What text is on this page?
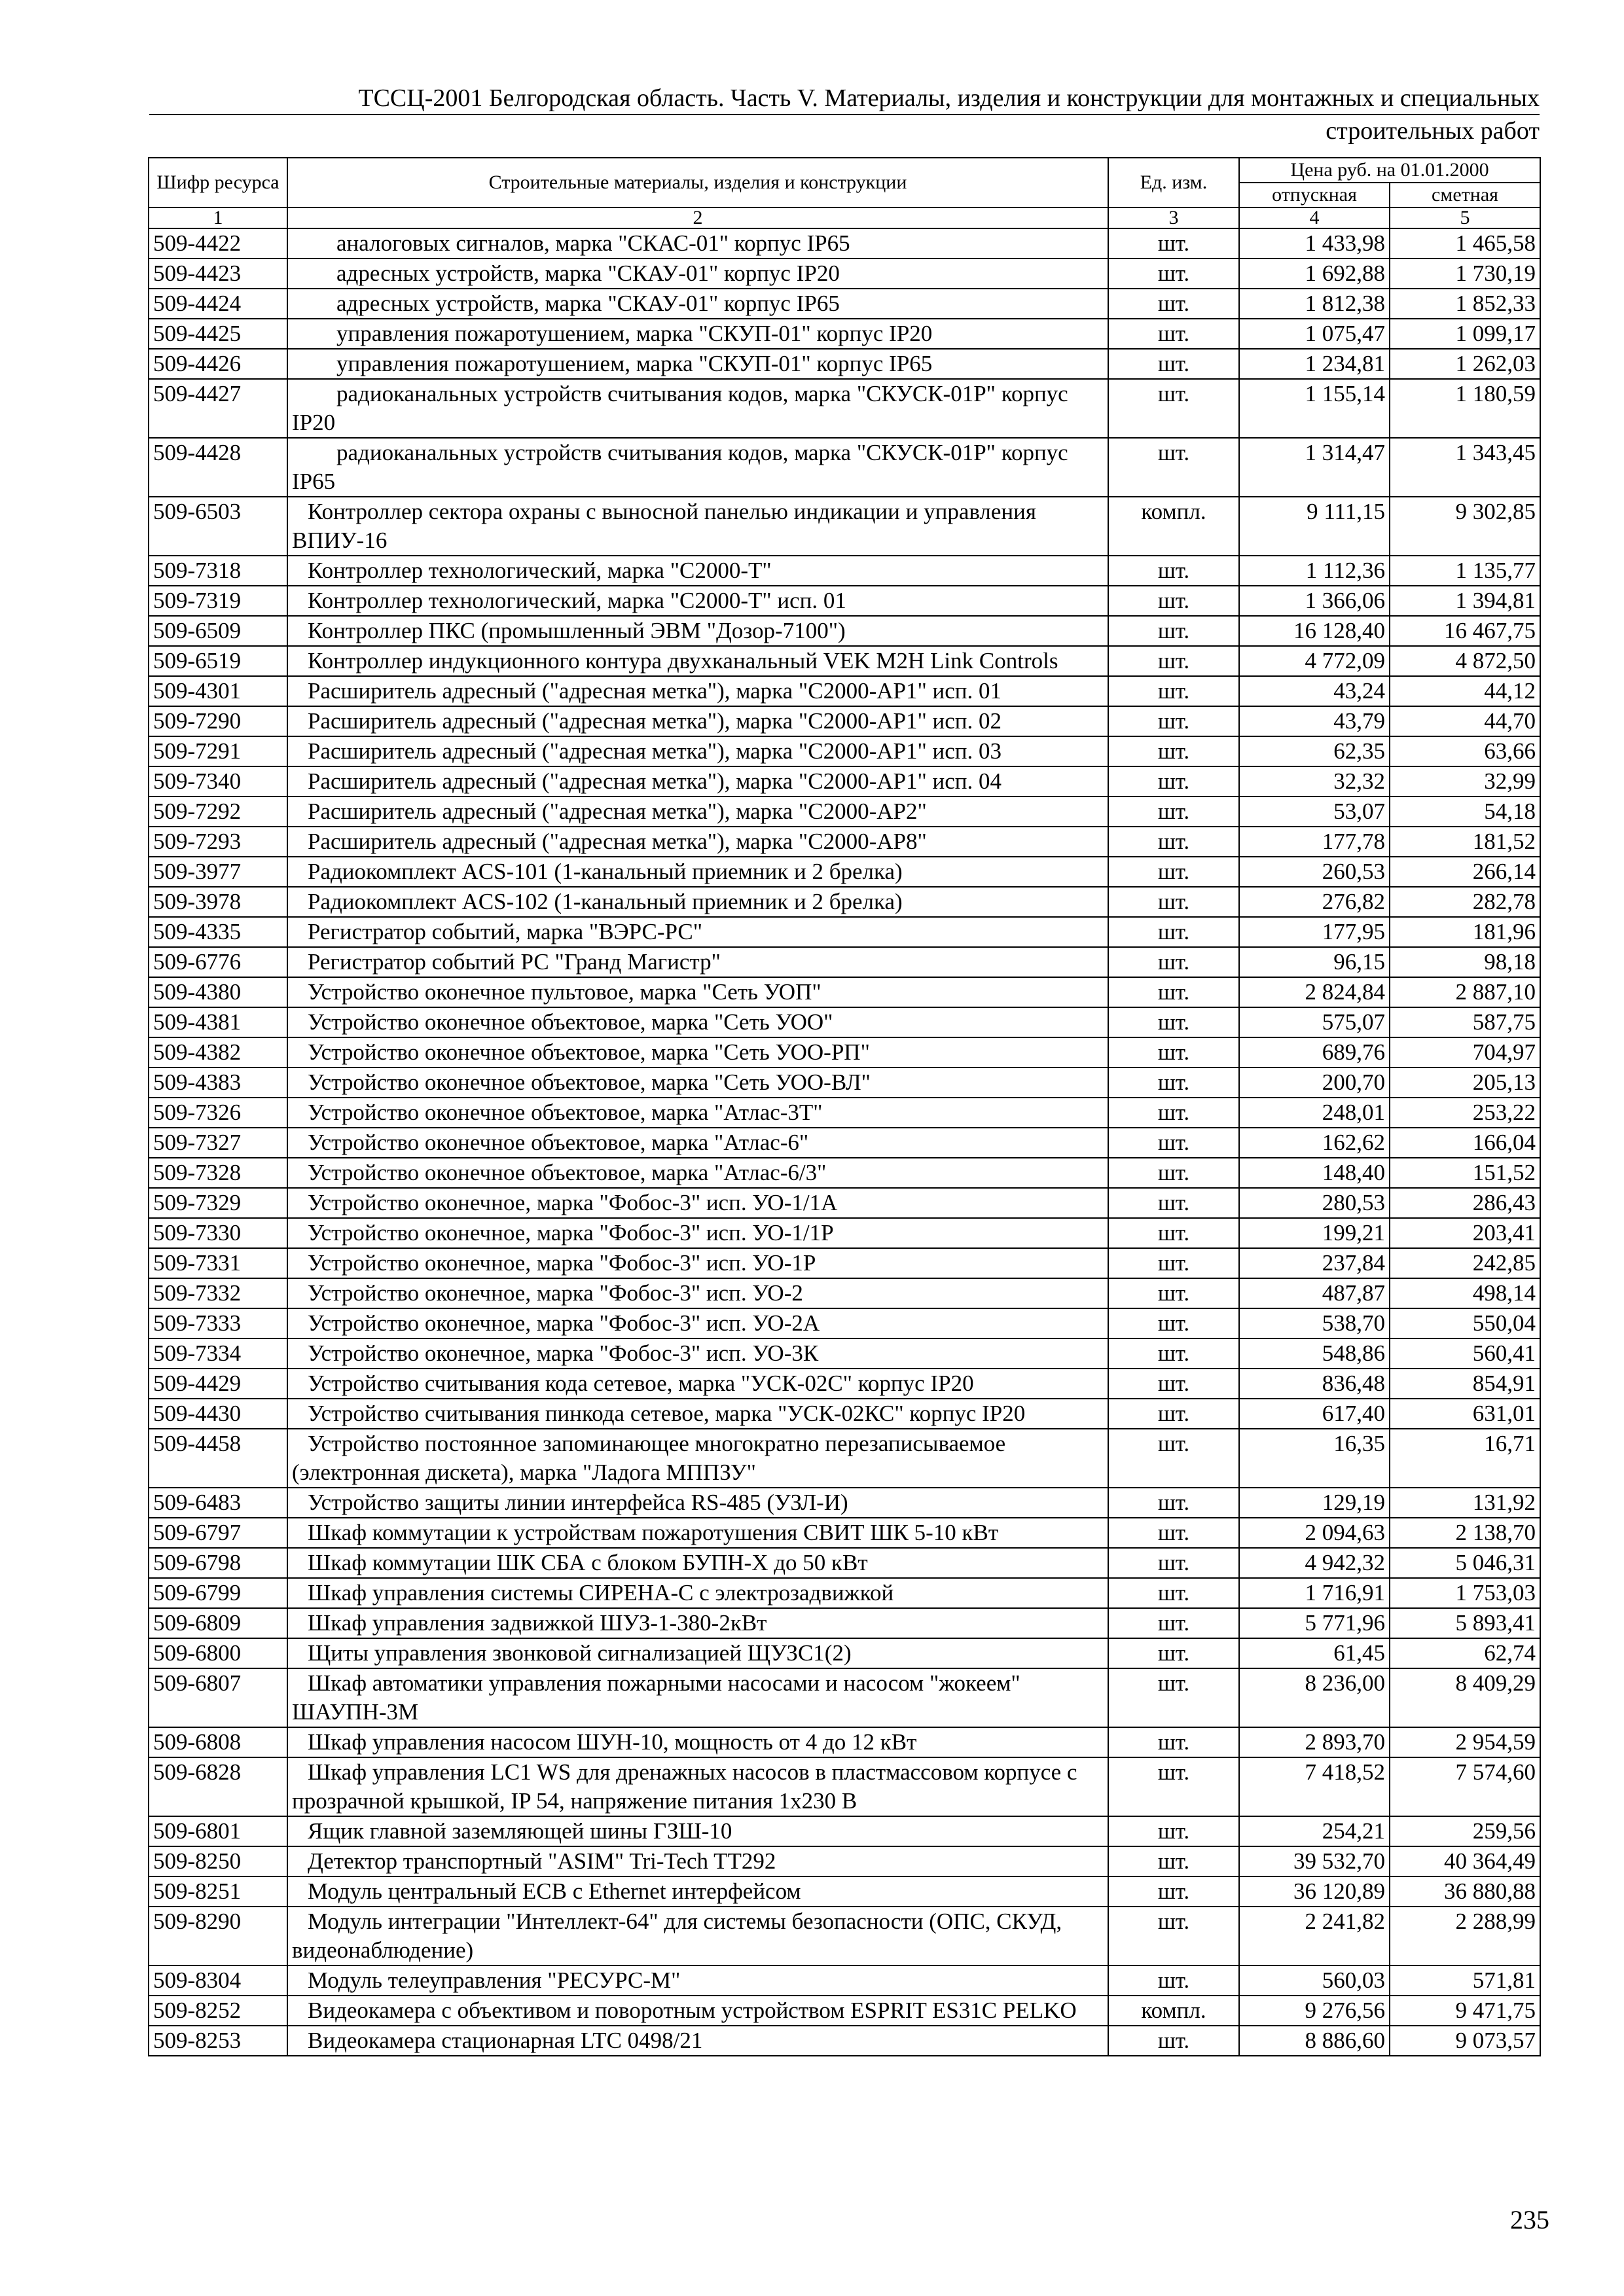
ТССЦ-2001 Белгородская область. Часть V. Материалы, изделия и конструкции для монтажных и специальных
строительных работ
Шифр ресурса	Строительные материалы, изделия и конструкции	Ед. изм.	Цена руб. на 01.01.2000	
			отпускная	сметная
1	2	3	4	5
509-4422	аналоговых сигналов, марка "СКАС-01" корпус IP65	шт.	1 433,98	1 465,58
509-4423	адресных устройств, марка "СКАУ-01" корпус IP20	шт.	1 692,88	1 730,19
509-4424	адресных устройств, марка "СКАУ-01" корпус IP65	шт.	1 812,38	1 852,33
509-4425	управления пожаротушением, марка "СКУП-01" корпус IP20	шт.	1 075,47	1 099,17
509-4426	управления пожаротушением, марка "СКУП-01" корпус IP65	шт.	1 234,81	1 262,03
509-4427	радиоканальных устройств считывания кодов, марка "СКУСК-01Р" корпус IP20	шт.	1 155,14	1 180,59
509-4428	радиоканальных устройств считывания кодов, марка "СКУСК-01Р" корпус IP65	шт.	1 314,47	1 343,45
509-6503	Контроллер сектора охраны с выносной панелью индикации и управления ВПИУ-16	компл.	9 111,15	9 302,85
509-7318	Контроллер технологический, марка "С2000-Т"	шт.	1 112,36	1 135,77
509-7319	Контроллер технологический, марка "С2000-Т" исп. 01	шт.	1 366,06	1 394,81
509-6509	Контроллер ПКС (промышленный ЭВМ "Дозор-7100")	шт.	16 128,40	16 467,75
509-6519	Контроллер индукционного контура двухканальный VEK M2H Link Controls	шт.	4 772,09	4 872,50
509-4301	Расширитель адресный ("адресная метка"), марка "С2000-АР1" исп. 01	шт.	43,24	44,12
509-7290	Расширитель адресный ("адресная метка"), марка "С2000-АР1" исп. 02	шт.	43,79	44,70
509-7291	Расширитель адресный ("адресная метка"), марка "С2000-АР1" исп. 03	шт.	62,35	63,66
509-7340	Расширитель адресный ("адресная метка"), марка "С2000-АР1" исп. 04	шт.	32,32	32,99
509-7292	Расширитель адресный ("адресная метка"), марка "С2000-АР2"	шт.	53,07	54,18
509-7293	Расширитель адресный ("адресная метка"), марка "С2000-АР8"	шт.	177,78	181,52
509-3977	Радиокомплект ACS-101 (1-канальный приемник и 2 брелка)	шт.	260,53	266,14
509-3978	Радиокомплект ACS-102 (1-канальный приемник и 2 брелка)	шт.	276,82	282,78
509-4335	Регистратор событий, марка "ВЭРС-РС"	шт.	177,95	181,96
509-6776	Регистратор событий РС "Гранд Магистр"	шт.	96,15	98,18
509-4380	Устройство оконечное пультовое, марка "Сеть УОП"	шт.	2 824,84	2 887,10
509-4381	Устройство оконечное объектовое, марка "Сеть УОО"	шт.	575,07	587,75
509-4382	Устройство оконечное объектовое, марка "Сеть УОО-РП"	шт.	689,76	704,97
509-4383	Устройство оконечное объектовое, марка "Сеть УОО-ВЛ"	шт.	200,70	205,13
509-7326	Устройство оконечное объектовое, марка "Атлас-3Т"	шт.	248,01	253,22
509-7327	Устройство оконечное объектовое, марка "Атлас-6"	шт.	162,62	166,04
509-7328	Устройство оконечное объектовое, марка "Атлас-6/3"	шт.	148,40	151,52
509-7329	Устройство оконечное, марка "Фобос-3" исп. УО-1/1А	шт.	280,53	286,43
509-7330	Устройство оконечное, марка "Фобос-3" исп. УО-1/1Р	шт.	199,21	203,41
509-7331	Устройство оконечное, марка "Фобос-3" исп. УО-1Р	шт.	237,84	242,85
509-7332	Устройство оконечное, марка "Фобос-3" исп. УО-2	шт.	487,87	498,14
509-7333	Устройство оконечное, марка "Фобос-3" исп. УО-2А	шт.	538,70	550,04
509-7334	Устройство оконечное, марка "Фобос-3" исп. УО-3К	шт.	548,86	560,41
509-4429	Устройство считывания кода сетевое, марка "УСК-02С" корпус IP20	шт.	836,48	854,91
509-4430	Устройство считывания пинкода сетевое, марка "УСК-02КС" корпус IP20	шт.	617,40	631,01
509-4458	Устройство постоянное запоминающее многократно перезаписываемое (электронная дискета), марка "Ладога МППЗУ"	шт.	16,35	16,71
509-6483	Устройство защиты линии интерфейса RS-485 (УЗЛ-И)	шт.	129,19	131,92
509-6797	Шкаф коммутации к устройствам пожаротушения СВИТ ШК 5-10 кВт	шт.	2 094,63	2 138,70
509-6798	Шкаф коммутации ШК СБА с блоком БУПН-Х до 50 кВт	шт.	4 942,32	5 046,31
509-6799	Шкаф управления системы СИРЕНА-С с электрозадвижкой	шт.	1 716,91	1 753,03
509-6809	Шкаф управления задвижкой ШУЗ-1-380-2кВт	шт.	5 771,96	5 893,41
509-6800	Щиты управления звонковой сигнализацией ЩУЗС1(2)	шт.	61,45	62,74
509-6807	Шкаф автоматики управления пожарными насосами и насосом "жокеем" ШАУПН-3М	шт.	8 236,00	8 409,29
509-6808	Шкаф управления насосом ШУН-10, мощность от 4 до 12 кВт	шт.	2 893,70	2 954,59
509-6828	Шкаф управления LC1 WS для дренажных насосов в пластмассовом корпусе с прозрачной крышкой, IP 54, напряжение питания 1х230 В	шт.	7 418,52	7 574,60
509-6801	Ящик главной заземляющей шины ГЗШ-10	шт.	254,21	259,56
509-8250	Детектор транспортный "ASIM" Tri-Tech TT292	шт.	39 532,70	40 364,49
509-8251	Модуль центральный ECB с Ethernet интерфейсом	шт.	36 120,89	36 880,88
509-8290	Модуль интеграции "Интеллект-64" для системы безопасности (ОПС, СКУД, видеонаблюдение)	шт.	2 241,82	2 288,99
509-8304	Модуль телеуправления "РЕСУРС-М"	шт.	560,03	571,81
509-8252	Видеокамера с объективом и поворотным устройством ESPRIT ES31C PELKO	компл.	9 276,56	9 471,75
509-8253	Видеокамера стационарная LTC 0498/21	шт.	8 886,60	9 073,57
235
